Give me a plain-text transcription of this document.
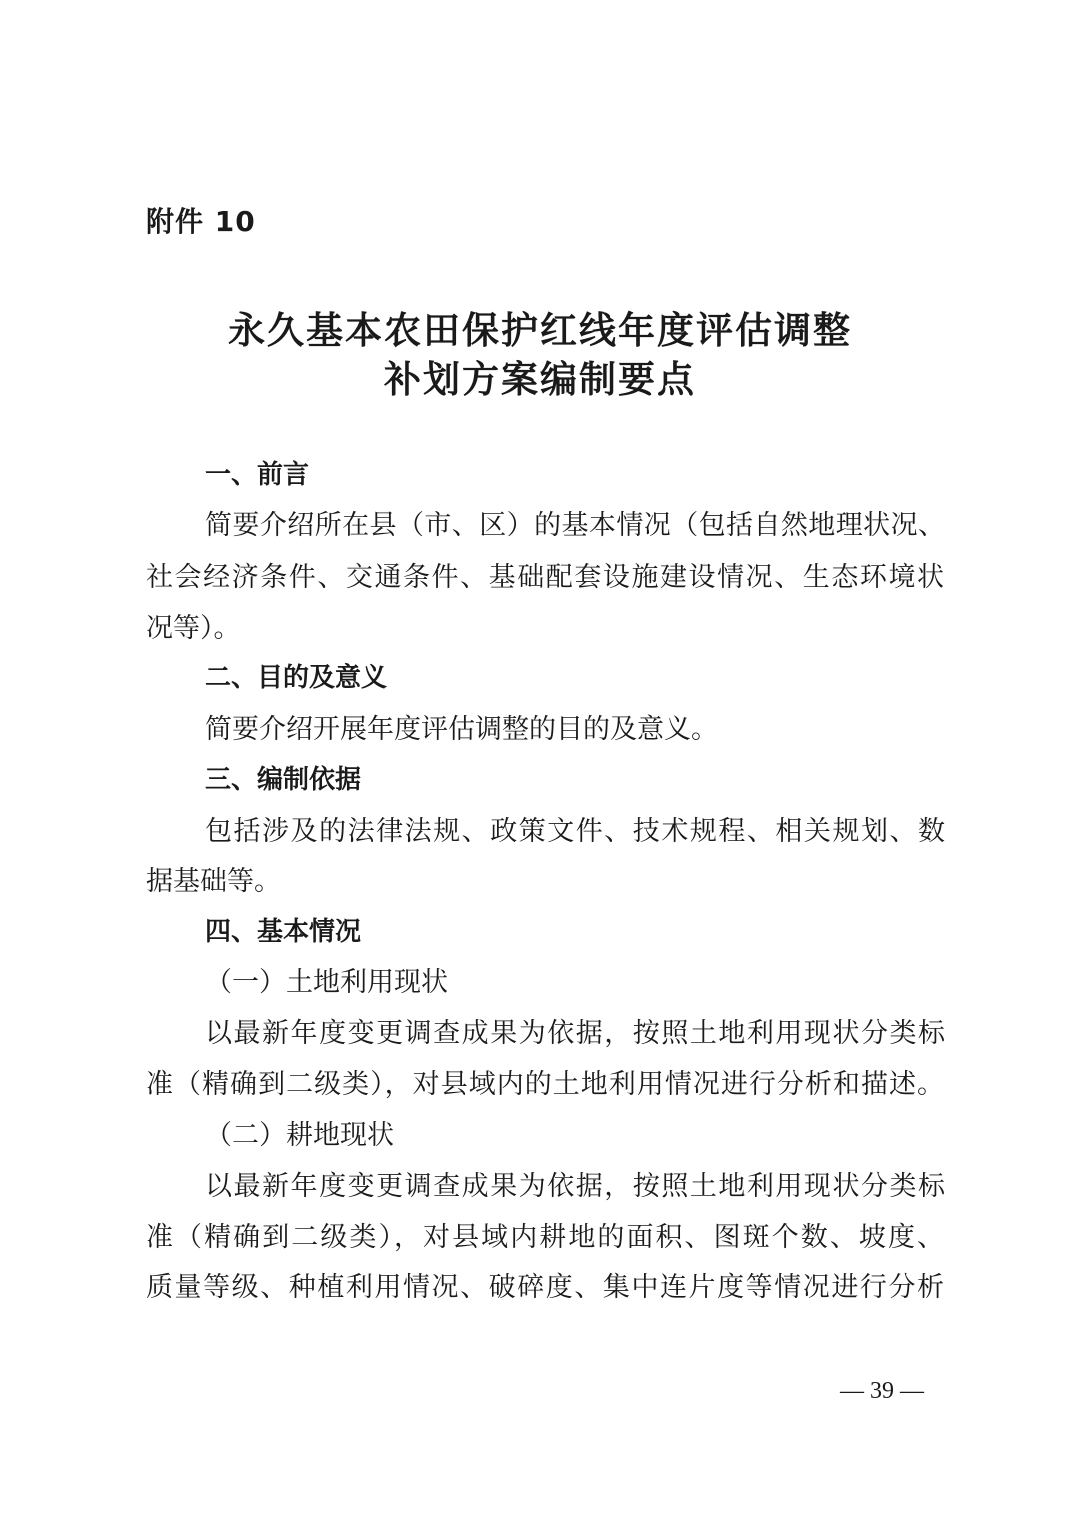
附件 10
永久基本农田保护红线年度评估调整
补划方案编制要点
一、前言
简要介绍所在县（市、区）的基本情况（包括自然地理状况、
社会经济条件、交通条件、基础配套设施建设情况、生态环境状
况等）。
二、目的及意义
简要介绍开展年度评估调整的目的及意义。
三、编制依据
包括涉及的法律法规、政策文件、技术规程、相关规划、数
据基础等。
四、基本情况
（一）土地利用现状
以最新年度变更调查成果为依据，按照土地利用现状分类标
准（精确到二级类），对县域内的土地利用情况进行分析和描述。
（二）耕地现状
以最新年度变更调查成果为依据，按照土地利用现状分类标
准（精确到二级类），对县域内耕地的面积、图斑个数、坡度、
质量等级、种植利用情况、破碎度、集中连片度等情况进行分析
— 39 —
